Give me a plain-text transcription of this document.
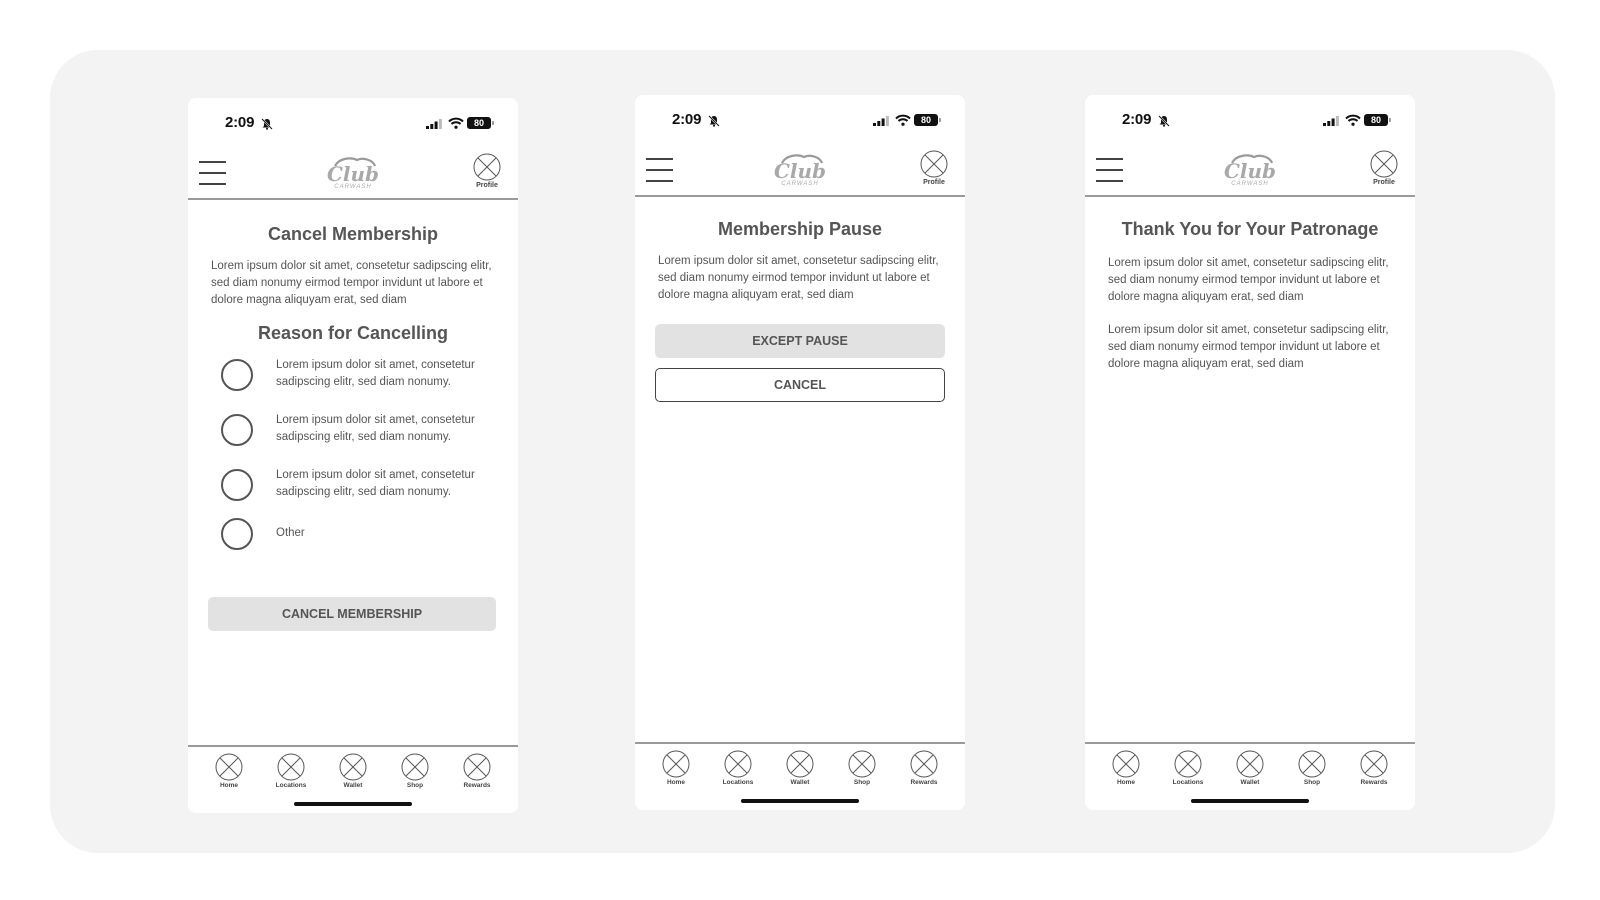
2:09	80
Profile
Cancel Membership
Lorem ipsum dolor sit amet, consetetur sadipscing elitr, sed diam nonumy eirmod tempor invidunt ut labore et dolore magna aliquyam erat, sed diam
Reason for Cancelling
Lorem ipsum dolor sit amet, consetetur sadipscing elitr, sed diam nonumy.
Lorem ipsum dolor sit amet, consetetur sadipscing elitr, sed diam nonumy.
Lorem ipsum dolor sit amet, consetetur sadipscing elitr, sed diam nonumy.
Other
CANCEL MEMBERSHIP
Home	Locations	Wallet	Shop	Rewards
2:09	80
Profile
Membership Pause
Lorem ipsum dolor sit amet, consetetur sadipscing elitr, sed diam nonumy eirmod tempor invidunt ut labore et dolore magna aliquyam erat, sed diam
EXCEPT PAUSE
CANCEL
Home	Locations	Wallet	Shop	Rewards
2:09	80
Profile
Thank You for Your Patronage
Lorem ipsum dolor sit amet, consetetur sadipscing elitr, sed diam nonumy eirmod tempor invidunt ut labore et dolore magna aliquyam erat, sed diam
Lorem ipsum dolor sit amet, consetetur sadipscing elitr, sed diam nonumy eirmod tempor invidunt ut labore et dolore magna aliquyam erat, sed diam
Home	Locations	Wallet	Shop	Rewards
